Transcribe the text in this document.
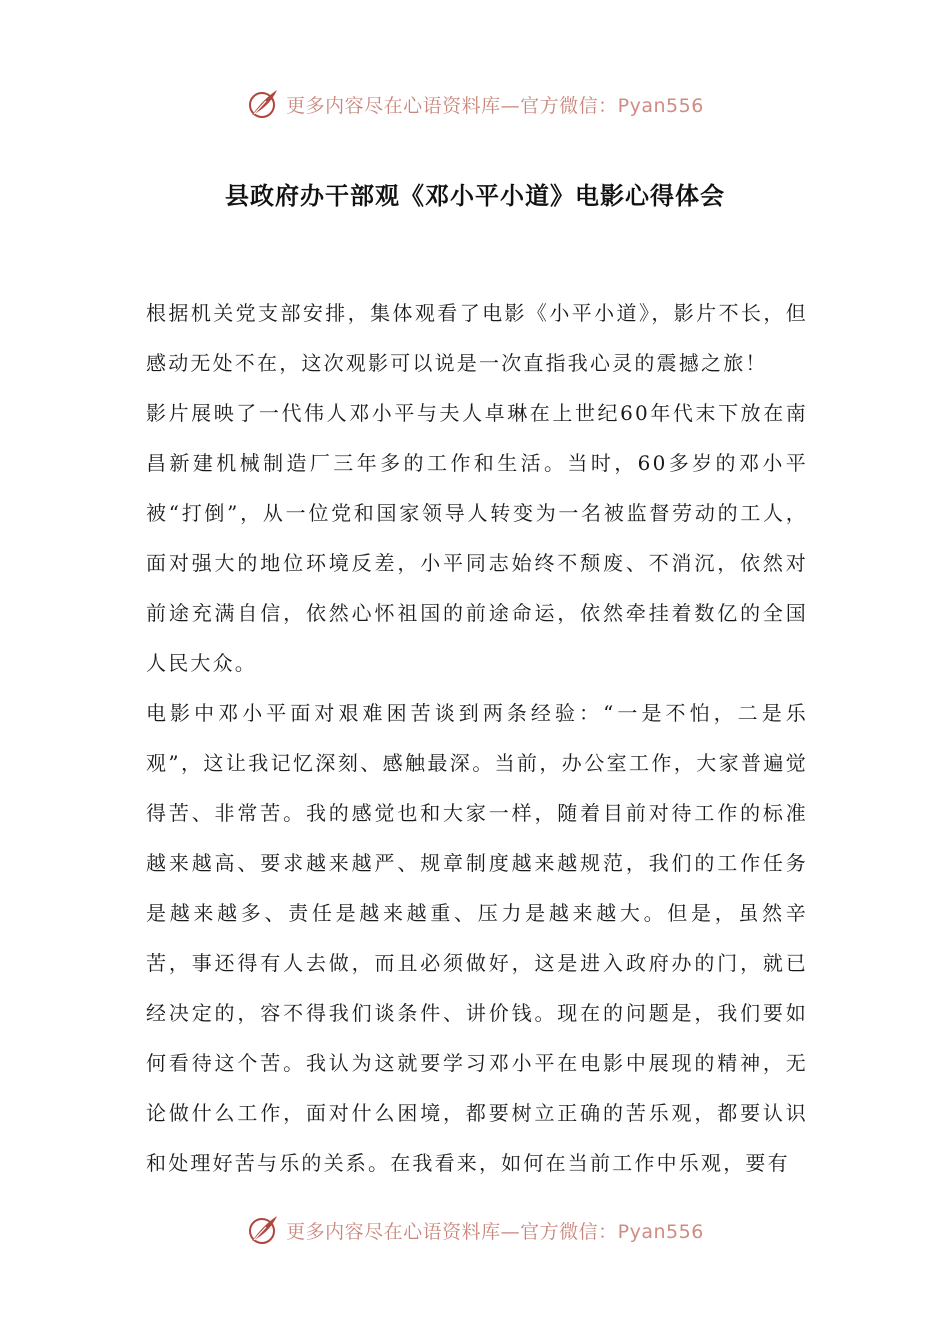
更多内容尽在心语资料库—官方微信：Pyan556
县政府办干部观《邓小平小道》电影心得体会

根据机关党支部安排，集体观看了电影《小平小道》，影片不长，但感动无处不在，这次观影可以说是一次直指我心灵的震撼之旅！

影片展映了一代伟人邓小平与夫人卓琳在上世纪60年代末下放在南昌新建机械制造厂三年多的工作和生活。当时，60多岁的邓小平被“打倒”，从一位党和国家领导人转变为一名被监督劳动的工人，面对强大的地位环境反差，小平同志始终不颓废、不消沉，依然对前途充满自信，依然心怀祖国的前途命运，依然牵挂着数亿的全国人民大众。

电影中邓小平面对艰难困苦谈到两条经验：“一是不怕，二是乐观”，这让我记忆深刻、感触最深。当前，办公室工作，大家普遍觉得苦、非常苦。我的感觉也和大家一样，随着目前对待工作的标准越来越高、要求越来越严、规章制度越来越规范，我们的工作任务是越来越多、责任是越来越重、压力是越来越大。但是，虽然辛苦，事还得有人去做，而且必须做好，这是进入政府办的门，就已经决定的，容不得我们谈条件、讲价钱。现在的问题是，我们要如何看待这个苦。我认为这就要学习邓小平在电影中展现的精神，无论做什么工作，面对什么困境，都要树立正确的苦乐观，都要认识和处理好苦与乐的关系。在我看来，如何在当前工作中乐观，要有

更多内容尽在心语资料库—官方微信：Pyan556
